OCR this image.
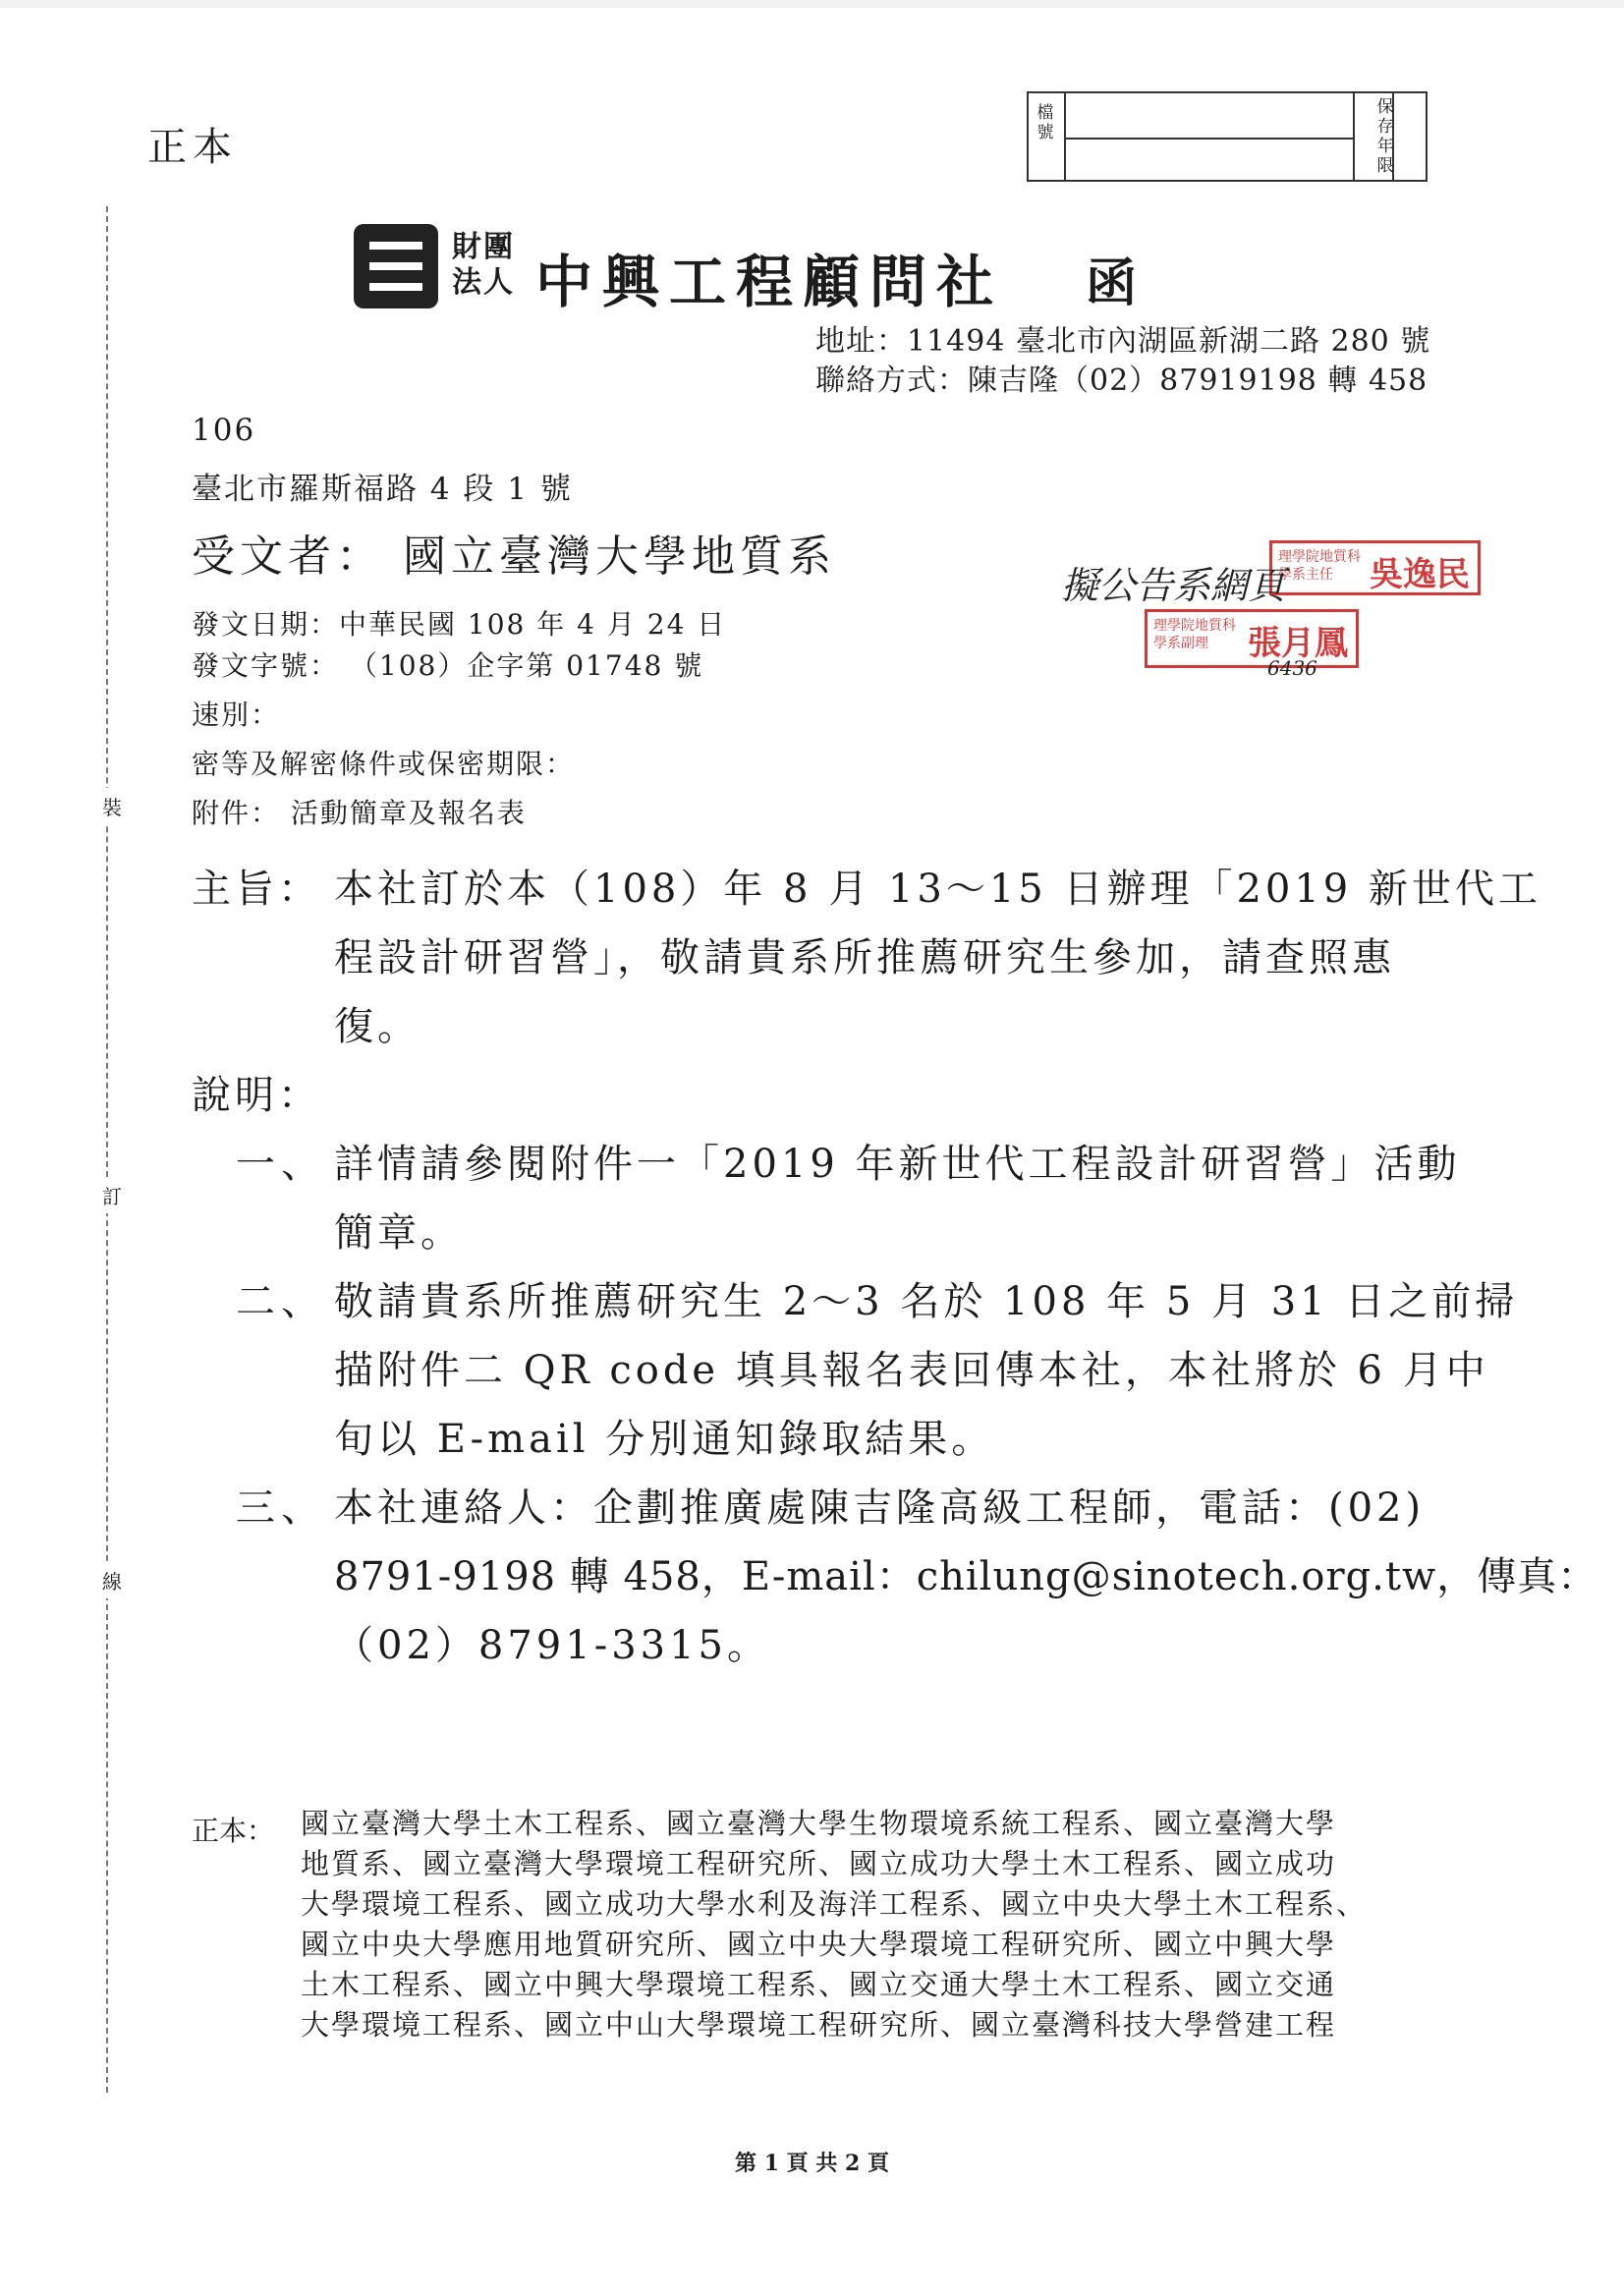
正本
檔號
保存年限
裝
訂
線
財團法人 中興工程顧問社 函
地址：11494 臺北市內湖區新湖二路 280 號
聯絡方式：陳吉隆（02）87919198 轉 458
106
臺北市羅斯福路 4 段 1 號
受文者： 國立臺灣大學地質系
發文日期：中華民國 108 年 4 月 24 日
發文字號： （108）企字第 01748 號
速別：
密等及解密條件或保密期限：
附件： 活動簡章及報名表
理學院地質科學系主任	吳逸民
理學院地質科學系副理	張月鳳
擬公告系網頁
6436
主旨： 本社訂於本（108）年 8 月 13～15 日辦理「2019 新世代工
程設計研習營」，敬請貴系所推薦研究生參加，請查照惠
復。
說明：
一、 詳情請參閱附件一「2019 年新世代工程設計研習營」活動
簡章。
二、 敬請貴系所推薦研究生 2～3 名於 108 年 5 月 31 日之前掃
描附件二 QR code 填具報名表回傳本社，本社將於 6 月中
旬以 E-mail 分別通知錄取結果。
三、 本社連絡人：企劃推廣處陳吉隆高級工程師，電話：(02)
8791-9198 轉 458，E-mail：chilung@sinotech.org.tw，傳真：
（02）8791-3315。
正本： 國立臺灣大學土木工程系、國立臺灣大學生物環境系統工程系、國立臺灣大學
地質系、國立臺灣大學環境工程研究所、國立成功大學土木工程系、國立成功
大學環境工程系、國立成功大學水利及海洋工程系、國立中央大學土木工程系、
國立中央大學應用地質研究所、國立中央大學環境工程研究所、國立中興大學
土木工程系、國立中興大學環境工程系、國立交通大學土木工程系、國立交通
大學環境工程系、國立中山大學環境工程研究所、國立臺灣科技大學營建工程
第 1 頁 共 2 頁
